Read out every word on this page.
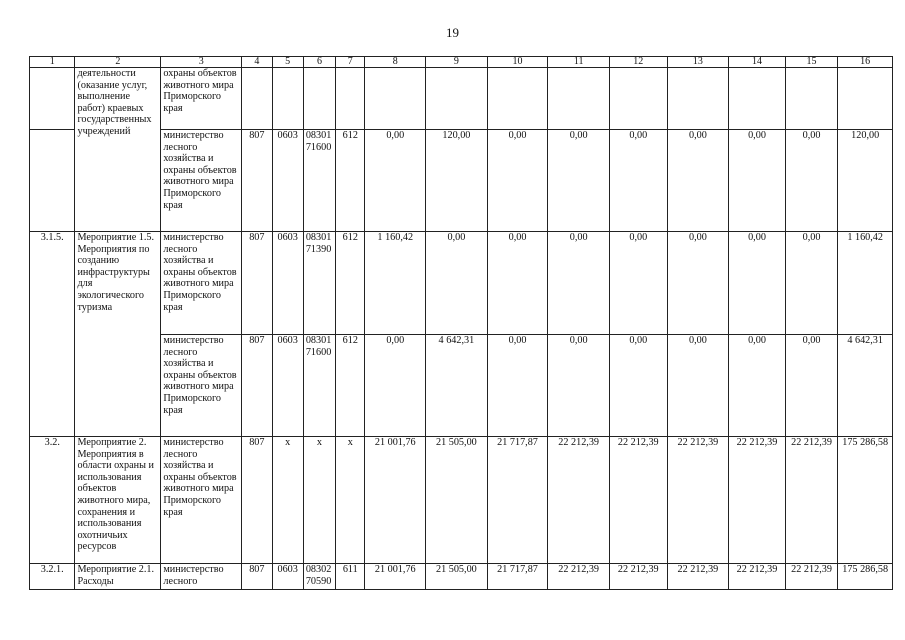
19
1	2	3	4	5	6	7	8	9	10	11	12	13	14	15	16
	деятельности (оказание услуг, выполнение работ) краевых государственных учреждений	охраны объектов животного мира Приморского края													
		министерство лесного хозяйства и охраны объектов животного мира Приморского края	807	0603	08301 71600	612	0,00	120,00	0,00	0,00	0,00	0,00	0,00	0,00	120,00
3.1.5.	Мероприятие 1.5. Мероприятия по созданию инфраструктуры для экологического туризма	министерство лесного хозяйства и охраны объектов животного мира Приморского края	807	0603	08301 71390	612	1 160,42	0,00	0,00	0,00	0,00	0,00	0,00	0,00	1 160,42
		министерство лесного хозяйства и охраны объектов животного мира Приморского края	807	0603	08301 71600	612	0,00	4 642,31	0,00	0,00	0,00	0,00	0,00	0,00	4 642,31
3.2.	Мероприятие 2. Мероприятия в области охраны и использования объектов животного мира, сохранения и использования охотничьих ресурсов	министерство лесного хозяйства и охраны объектов животного мира Приморского края	807	x	x	x	21 001,76	21 505,00	21 717,87	22 212,39	22 212,39	22 212,39	22 212,39	22 212,39	175 286,58
3.2.1.	Мероприятие 2.1. Расходы	министерство лесного	807	0603	08302 70590	611	21 001,76	21 505,00	21 717,87	22 212,39	22 212,39	22 212,39	22 212,39	22 212,39	175 286,58
